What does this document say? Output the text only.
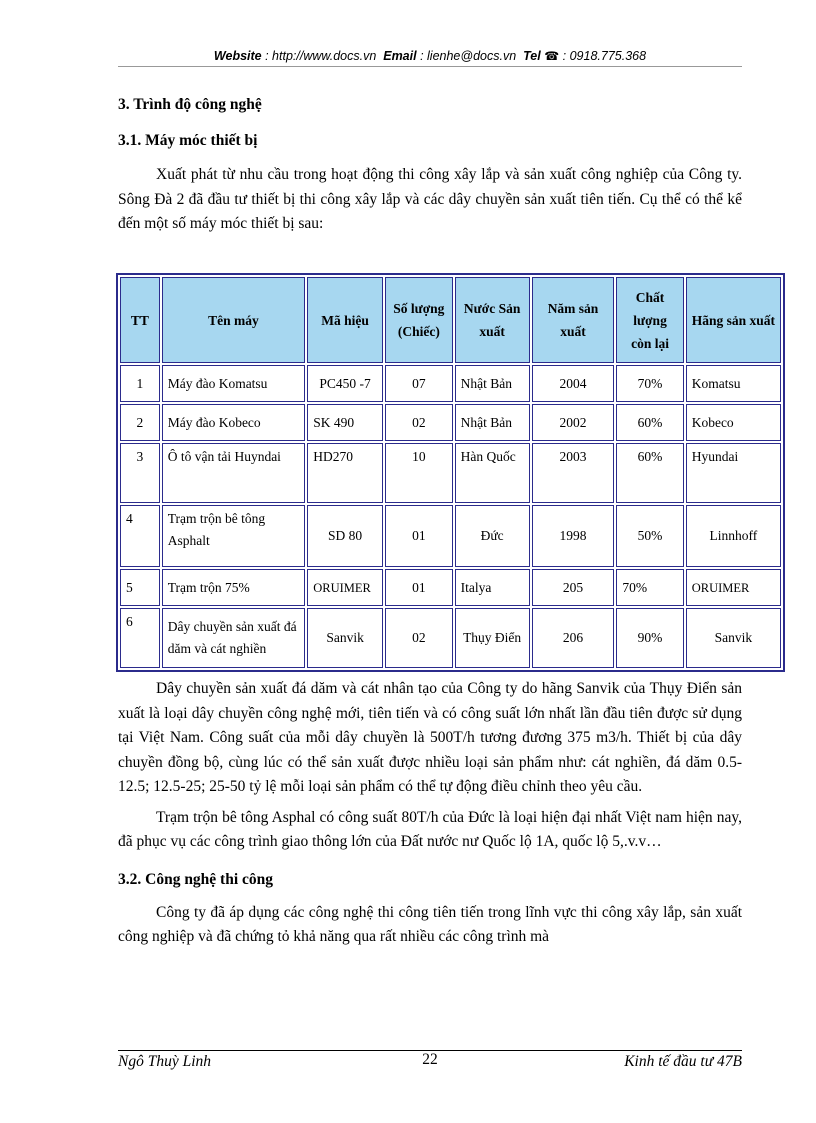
Website : http://www.docs.vn Email : lienhe@docs.vn Tel ☎ : 0918.775.368
3. Trình độ công nghệ
3.1. Máy móc thiết bị

Xuất phát từ nhu cầu trong hoạt động thi công xây lắp và sản xuất công nghiệp của Công ty. Sông Đà 2 đã đầu tư thiết bị thi công xây lắp và các dây chuyền sản xuất tiên tiến. Cụ thể có thể kể đến một số máy móc thiết bị sau:

TT	Tên máy	Mã hiệu	Số lượng (Chiếc)	Nước Sản xuất	Năm sản xuất	Chất lượng còn lại	Hãng sản xuất
1	Máy đào Komatsu	PC450 -7	07	Nhật Bản	2004	70%	Komatsu
2	Máy đào Kobeco	SK 490	02	Nhật Bản	2002	60%	Kobeco
3	Ô tô vận tải Huyndai	HD270	10	Hàn Quốc	2003	60%	Hyundai
4	Trạm trộn bê tông Asphalt	SD 80	01	Đức	1998	50%	Linnhoff
5	Trạm trộn 75%	ORUIMER	01	Italya	205	70%	ORUIMER
6	Dây chuyền sản xuất đá dăm và cát nghiền	Sanvik	02	Thụy Điển	206	90%	Sanvik

Dây chuyền sản xuất đá dăm và cát nhân tạo của Công ty do hãng Sanvik của Thụy Điển sản xuất là loại dây chuyền công nghệ mới, tiên tiến và có công suất lớn nhất lần đầu tiên được sử dụng tại Việt Nam. Công suất của mỗi dây chuyền là 500T/h tương đương 375 m3/h. Thiết bị của dây chuyền đồng bộ, cùng lúc có thể sản xuất được nhiều loại sản phẩm như: cát nghiền, đá dăm 0.5-12.5; 12.5-25; 25-50 tỷ lệ mỗi loại sản phẩm có thể tự động điều chỉnh theo yêu cầu.

Trạm trộn bê tông Asphal có công suất 80T/h của Đức là loại hiện đại nhất Việt nam hiện nay, đã phục vụ các công trình giao thông lớn của Đất nước nư Quốc lộ 1A, quốc lộ 5,.v.v…

3.2. Công nghệ thi công

Công ty đã áp dụng các công nghệ thi công tiên tiến trong lĩnh vực thi công xây lắp, sản xuất công nghiệp và đã chứng tỏ khả năng qua rất nhiều các công trình mà

Ngô Thuỳ Linh	22	Kinh tế đầu tư 47B
